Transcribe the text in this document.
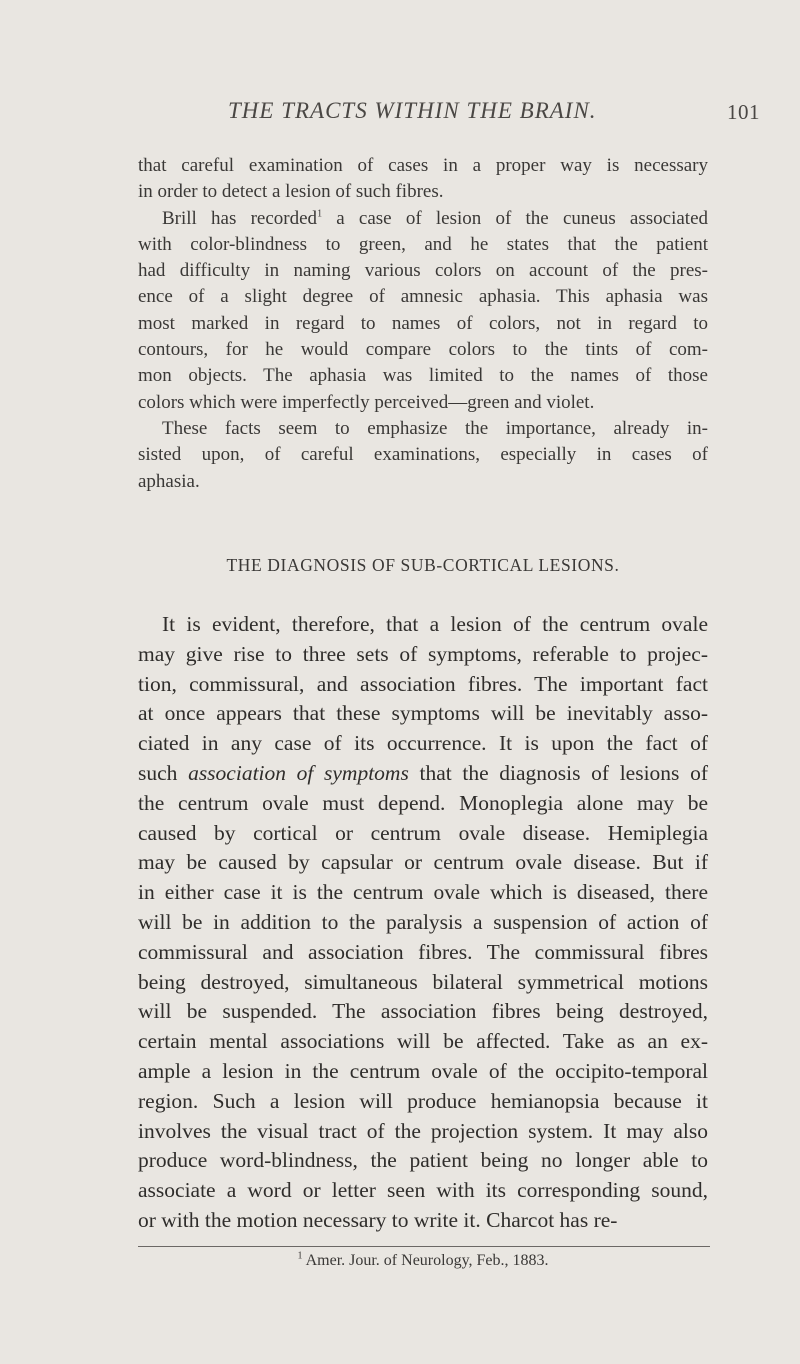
THE TRACTS WITHIN THE BRAIN.	101
that careful examination of cases in a proper way is necessary
in order to detect a lesion of such fibres.
Brill has recorded$^1$ a case of lesion of the cuneus associated
with color-blindness to green, and he states that the patient
had difficulty in naming various colors on account of the pres-
ence of a slight degree of amnesic aphasia. This aphasia was
most marked in regard to names of colors, not in regard to
contours, for he would compare colors to the tints of com-
mon objects. The aphasia was limited to the names of those
colors which were imperfectly perceived—green and violet.
These facts seem to emphasize the importance, already in-
sisted upon, of careful examinations, especially in cases of
aphasia.
THE DIAGNOSIS OF SUB-CORTICAL LESIONS.
It is evident, therefore, that a lesion of the centrum ovale
may give rise to three sets of symptoms, referable to projec-
tion, commissural, and association fibres. The important fact
at once appears that these symptoms will be inevitably asso-
ciated in any case of its occurrence. It is upon the fact of
such association of symptoms that the diagnosis of lesions of
the centrum ovale must depend. Monoplegia alone may be
caused by cortical or centrum ovale disease. Hemiplegia
may be caused by capsular or centrum ovale disease. But if
in either case it is the centrum ovale which is diseased, there
will be in addition to the paralysis a suspension of action of
commissural and association fibres. The commissural fibres
being destroyed, simultaneous bilateral symmetrical motions
will be suspended. The association fibres being destroyed,
certain mental associations will be affected. Take as an ex-
ample a lesion in the centrum ovale of the occipito-temporal
region. Such a lesion will produce hemianopsia because it
involves the visual tract of the projection system. It may also
produce word-blindness, the patient being no longer able to
associate a word or letter seen with its corresponding sound,
or with the motion necessary to write it. Charcot has re-
$^1$ Amer. Jour. of Neurology, Feb., 1883.
